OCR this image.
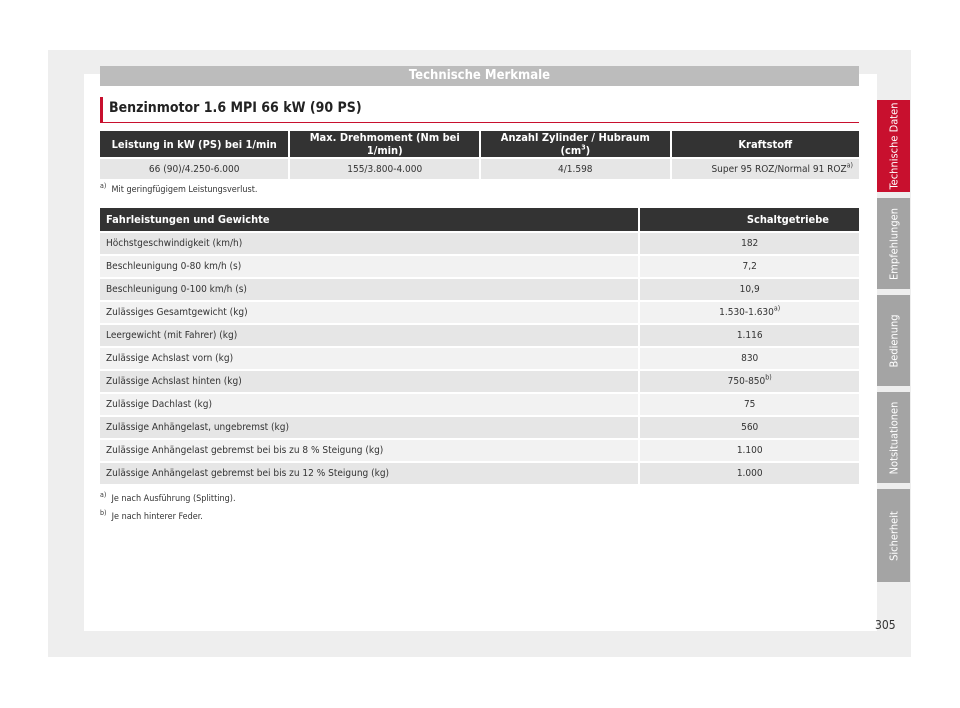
Technische Merkmale
Benzinmotor 1.6 MPI 66 kW (90 PS)
Leistung in kW (PS) bei 1/min	Max. Drehmoment (Nm bei 1/min)	Anzahl Zylinder / Hubraum $(cm^3)$	Kraftstoff
66 (90)/4.250-6.000	155/3.800-4.000	4/1.598	Super 95 ROZ/Normal 91 ROZ$^{a)}$
$^{a)}$ Mit geringfügigem Leistungsverlust.
Fahrleistungen und Gewichte	Schaltgetriebe
Höchstgeschwindigkeit (km/h)	182
Beschleunigung 0-80 km/h (s)	7,2
Beschleunigung 0-100 km/h (s)	10,9
Zulässiges Gesamtgewicht (kg)	1.530-1.630$^{a)}$
Leergewicht (mit Fahrer) (kg)	1.116
Zulässige Achslast vorn (kg)	830
Zulässige Achslast hinten (kg)	750-850$^{b)}$
Zulässige Dachlast (kg)	75
Zulässige Anhängelast, ungebremst (kg)	560
Zulässige Anhängelast gebremst bei bis zu 8 % Steigung (kg)	1.100
Zulässige Anhängelast gebremst bei bis zu 12 % Steigung (kg)	1.000
$^{a)}$ Je nach Ausführung (Splitting).
$^{b)}$ Je nach hinterer Feder.
Technische Daten
Empfehlungen
Bedienung
Notsituationen
Sicherheit
305
